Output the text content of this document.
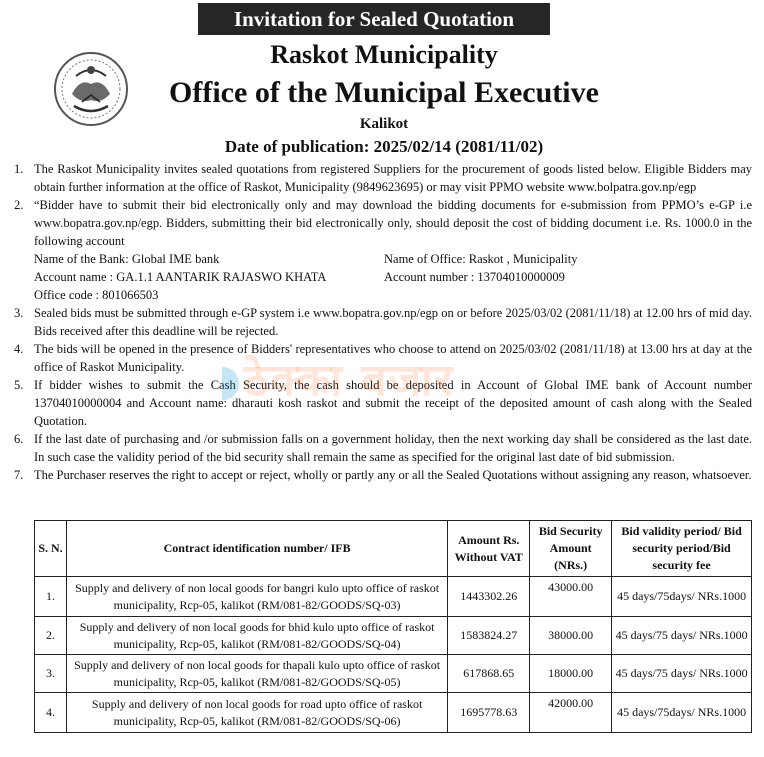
Invitation for Sealed Quotation
Raskot Municipality
Office of the Municipal Executive
Kalikot
Date of publication: 2025/02/14 (2081/11/02)
1. The Raskot Municipality invites sealed quotations from registered Suppliers for the procurement of goods listed below. Eligible Bidders may obtain further information at the office of Raskot, Municipality (9849623695) or may visit PPMO website www.bolpatra.gov.np/egp
2. “Bidder have to submit their bid electronically only and may download the bidding documents for e-submission from PPMO’s e-GP i.e www.bopatra.gov.np/egp. Bidders, submitting their bid electronically only, should deposit the cost of bidding document i.e. Rs. 1000.0 in the following account
Name of the Bank: Global IME bank	Name of Office: Raskot , Municipality
Account name : GA.1.1 AANTARIK RAJASWO KHATA	Account number : 13704010000009
Office code : 801066503
3. Sealed bids must be submitted through e-GP system i.e www.bopatra.gov.np/egp on or before 2025/03/02 (2081/11/18) at 12.00 hrs of mid day. Bids received after this deadline will be rejected.
4. The bids will be opened in the presence of Bidders' representatives who choose to attend on 2025/03/02 (2081/11/18) at 13.00 hrs at day at the office of Raskot Municipality.
5. If bidder wishes to submit the Cash Security, the cash should be deposited in Account of Global IME bank of Account number 13704010000004 and Account name: dharauti kosh raskot and submit the receipt of the deposited amount of cash along with the Sealed Quotation.
6. If the last date of purchasing and /or submission falls on a government holiday, then the next working day shall be considered as the last date. In such case the validity period of the bid security shall remain the same as specified for the original last date of bid submission.
7. The Purchaser reserves the right to accept or reject, wholly or partly any or all the Sealed Quotations without assigning any reason, whatsoever.
◗ठेक्का बजार
S. N.	Contract identification number/ IFB	Amount Rs. Without VAT	Bid Security Amount (NRs.)	Bid validity period/ Bid security period/Bid security fee
1.	Supply and delivery of non local goods for bangri kulo upto office of raskot municipality, Rcp-05, kalikot (RM/081-82/GOODS/SQ-03)	1443302.26	43000.00	45 days/75days/ NRs.1000
2.	Supply and delivery of non local goods for bhid kulo upto office of raskot municipality, Rcp-05, kalikot (RM/081-82/GOODS/SQ-04)	1583824.27	38000.00	45 days/75 days/ NRs.1000
3.	Supply and delivery of non local goods for thapali kulo upto office of raskot municipality, Rcp-05, kalikot (RM/081-82/GOODS/SQ-05)	617868.65	18000.00	45 days/75 days/ NRs.1000
4.	Supply and delivery of non local goods for road upto office of raskot municipality, Rcp-05, kalikot (RM/081-82/GOODS/SQ-06)	1695778.63	42000.00	45 days/75days/ NRs.1000
